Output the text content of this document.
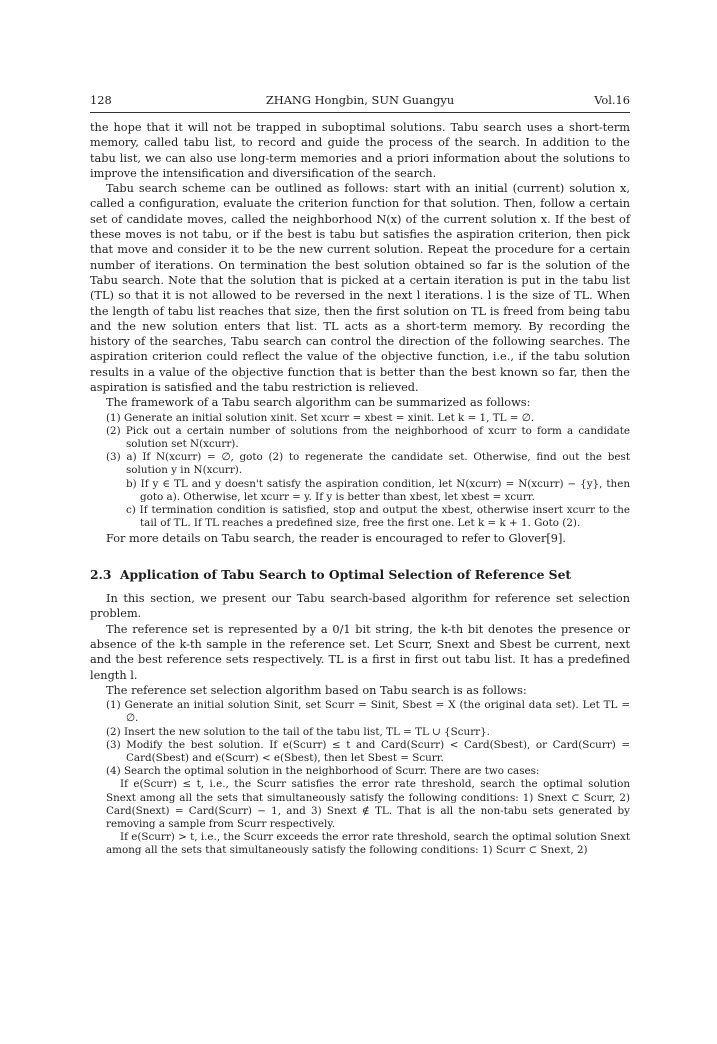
128	ZHANG Hongbin, SUN Guangyu	Vol.16

the hope that it will not be trapped in suboptimal solutions. Tabu search uses a short-term memory, called tabu list, to record and guide the process of the search. In addition to the tabu list, we can also use long-term memories and a priori information about the solutions to improve the intensification and diversification of the search.

Tabu search scheme can be outlined as follows: start with an initial (current) solution x, called a configuration, evaluate the criterion function for that solution. Then, follow a certain set of candidate moves, called the neighborhood N(x) of the current solution x. If the best of these moves is not tabu, or if the best is tabu but satisfies the aspiration criterion, then pick that move and consider it to be the new current solution. Repeat the procedure for a certain number of iterations. On termination the best solution obtained so far is the solution of the Tabu search. Note that the solution that is picked at a certain iteration is put in the tabu list (TL) so that it is not allowed to be reversed in the next l iterations. l is the size of TL. When the length of tabu list reaches that size, then the first solution on TL is freed from being tabu and the new solution enters that list. TL acts as a short-term memory. By recording the history of the searches, Tabu search can control the direction of the following searches. The aspiration criterion could reflect the value of the objective function, i.e., if the tabu solution results in a value of the objective function that is better than the best known so far, then the aspiration is satisfied and the tabu restriction is relieved.

The framework of a Tabu search algorithm can be summarized as follows:

(1) Generate an initial solution xinit. Set xcurr = xbest = xinit. Let k = 1, TL = ∅.
(2) Pick out a certain number of solutions from the neighborhood of xcurr to form a candidate solution set N(xcurr).
(3) a) If N(xcurr) = ∅, goto (2) to regenerate the candidate set. Otherwise, find out the best solution y in N(xcurr).
b) If y ∈ TL and y doesn't satisfy the aspiration condition, let N(xcurr) = N(xcurr) − {y}, then goto a). Otherwise, let xcurr = y. If y is better than xbest, let xbest = xcurr.
c) If termination condition is satisfied, stop and output the xbest, otherwise insert xcurr to the tail of TL. If TL reaches a predefined size, free the first one. Let k = k + 1. Goto (2).

For more details on Tabu search, the reader is encouraged to refer to Glover[9].

2.3 Application of Tabu Search to Optimal Selection of Reference Set

In this section, we present our Tabu search-based algorithm for reference set selection problem.

The reference set is represented by a 0/1 bit string, the k-th bit denotes the presence or absence of the k-th sample in the reference set. Let Scurr, Snext and Sbest be current, next and the best reference sets respectively. TL is a first in first out tabu list. It has a predefined length l.

The reference set selection algorithm based on Tabu search is as follows:

(1) Generate an initial solution Sinit, set Scurr = Sinit, Sbest = X (the original data set). Let TL = ∅.
(2) Insert the new solution to the tail of the tabu list, TL = TL ∪ {Scurr}.
(3) Modify the best solution. If e(Scurr) ≤ t and Card(Scurr) < Card(Sbest), or Card(Scurr) = Card(Sbest) and e(Scurr) < e(Sbest), then let Sbest = Scurr.
(4) Search the optimal solution in the neighborhood of Scurr. There are two cases:
If e(Scurr) ≤ t, i.e., the Scurr satisfies the error rate threshold, search the optimal solution Snext among all the sets that simultaneously satisfy the following conditions: 1) Snext ⊂ Scurr, 2) Card(Snext) = Card(Scurr) − 1, and 3) Snext ∉ TL. That is all the non-tabu sets generated by removing a sample from Scurr respectively.
If e(Scurr) > t, i.e., the Scurr exceeds the error rate threshold, search the optimal solution Snext among all the sets that simultaneously satisfy the following conditions: 1) Scurr ⊂ Snext, 2)
